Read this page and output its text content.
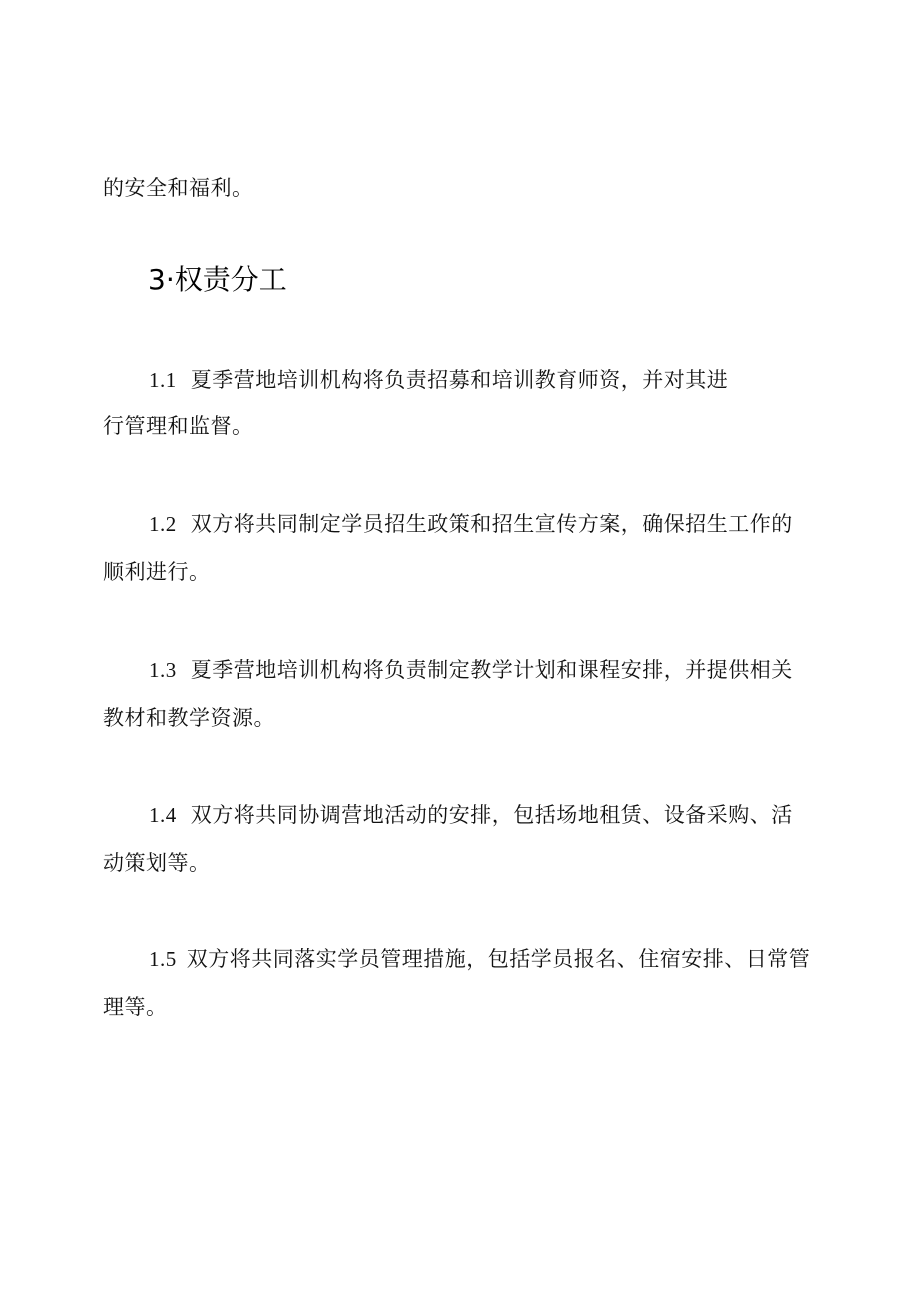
的安全和福利。
3·权责分工
1.1 夏季营地培训机构将负责招募和培训教育师资，并对其进
行管理和监督。
1.2 双方将共同制定学员招生政策和招生宣传方案，确保招生工作的
顺利进行。
1.3 夏季营地培训机构将负责制定教学计划和课程安排，并提供相关
教材和教学资源。
1.4 双方将共同协调营地活动的安排，包括场地租赁、设备采购、活
动策划等。
1.5 双方将共同落实学员管理措施，包括学员报名、住宿安排、日常管
理等。
